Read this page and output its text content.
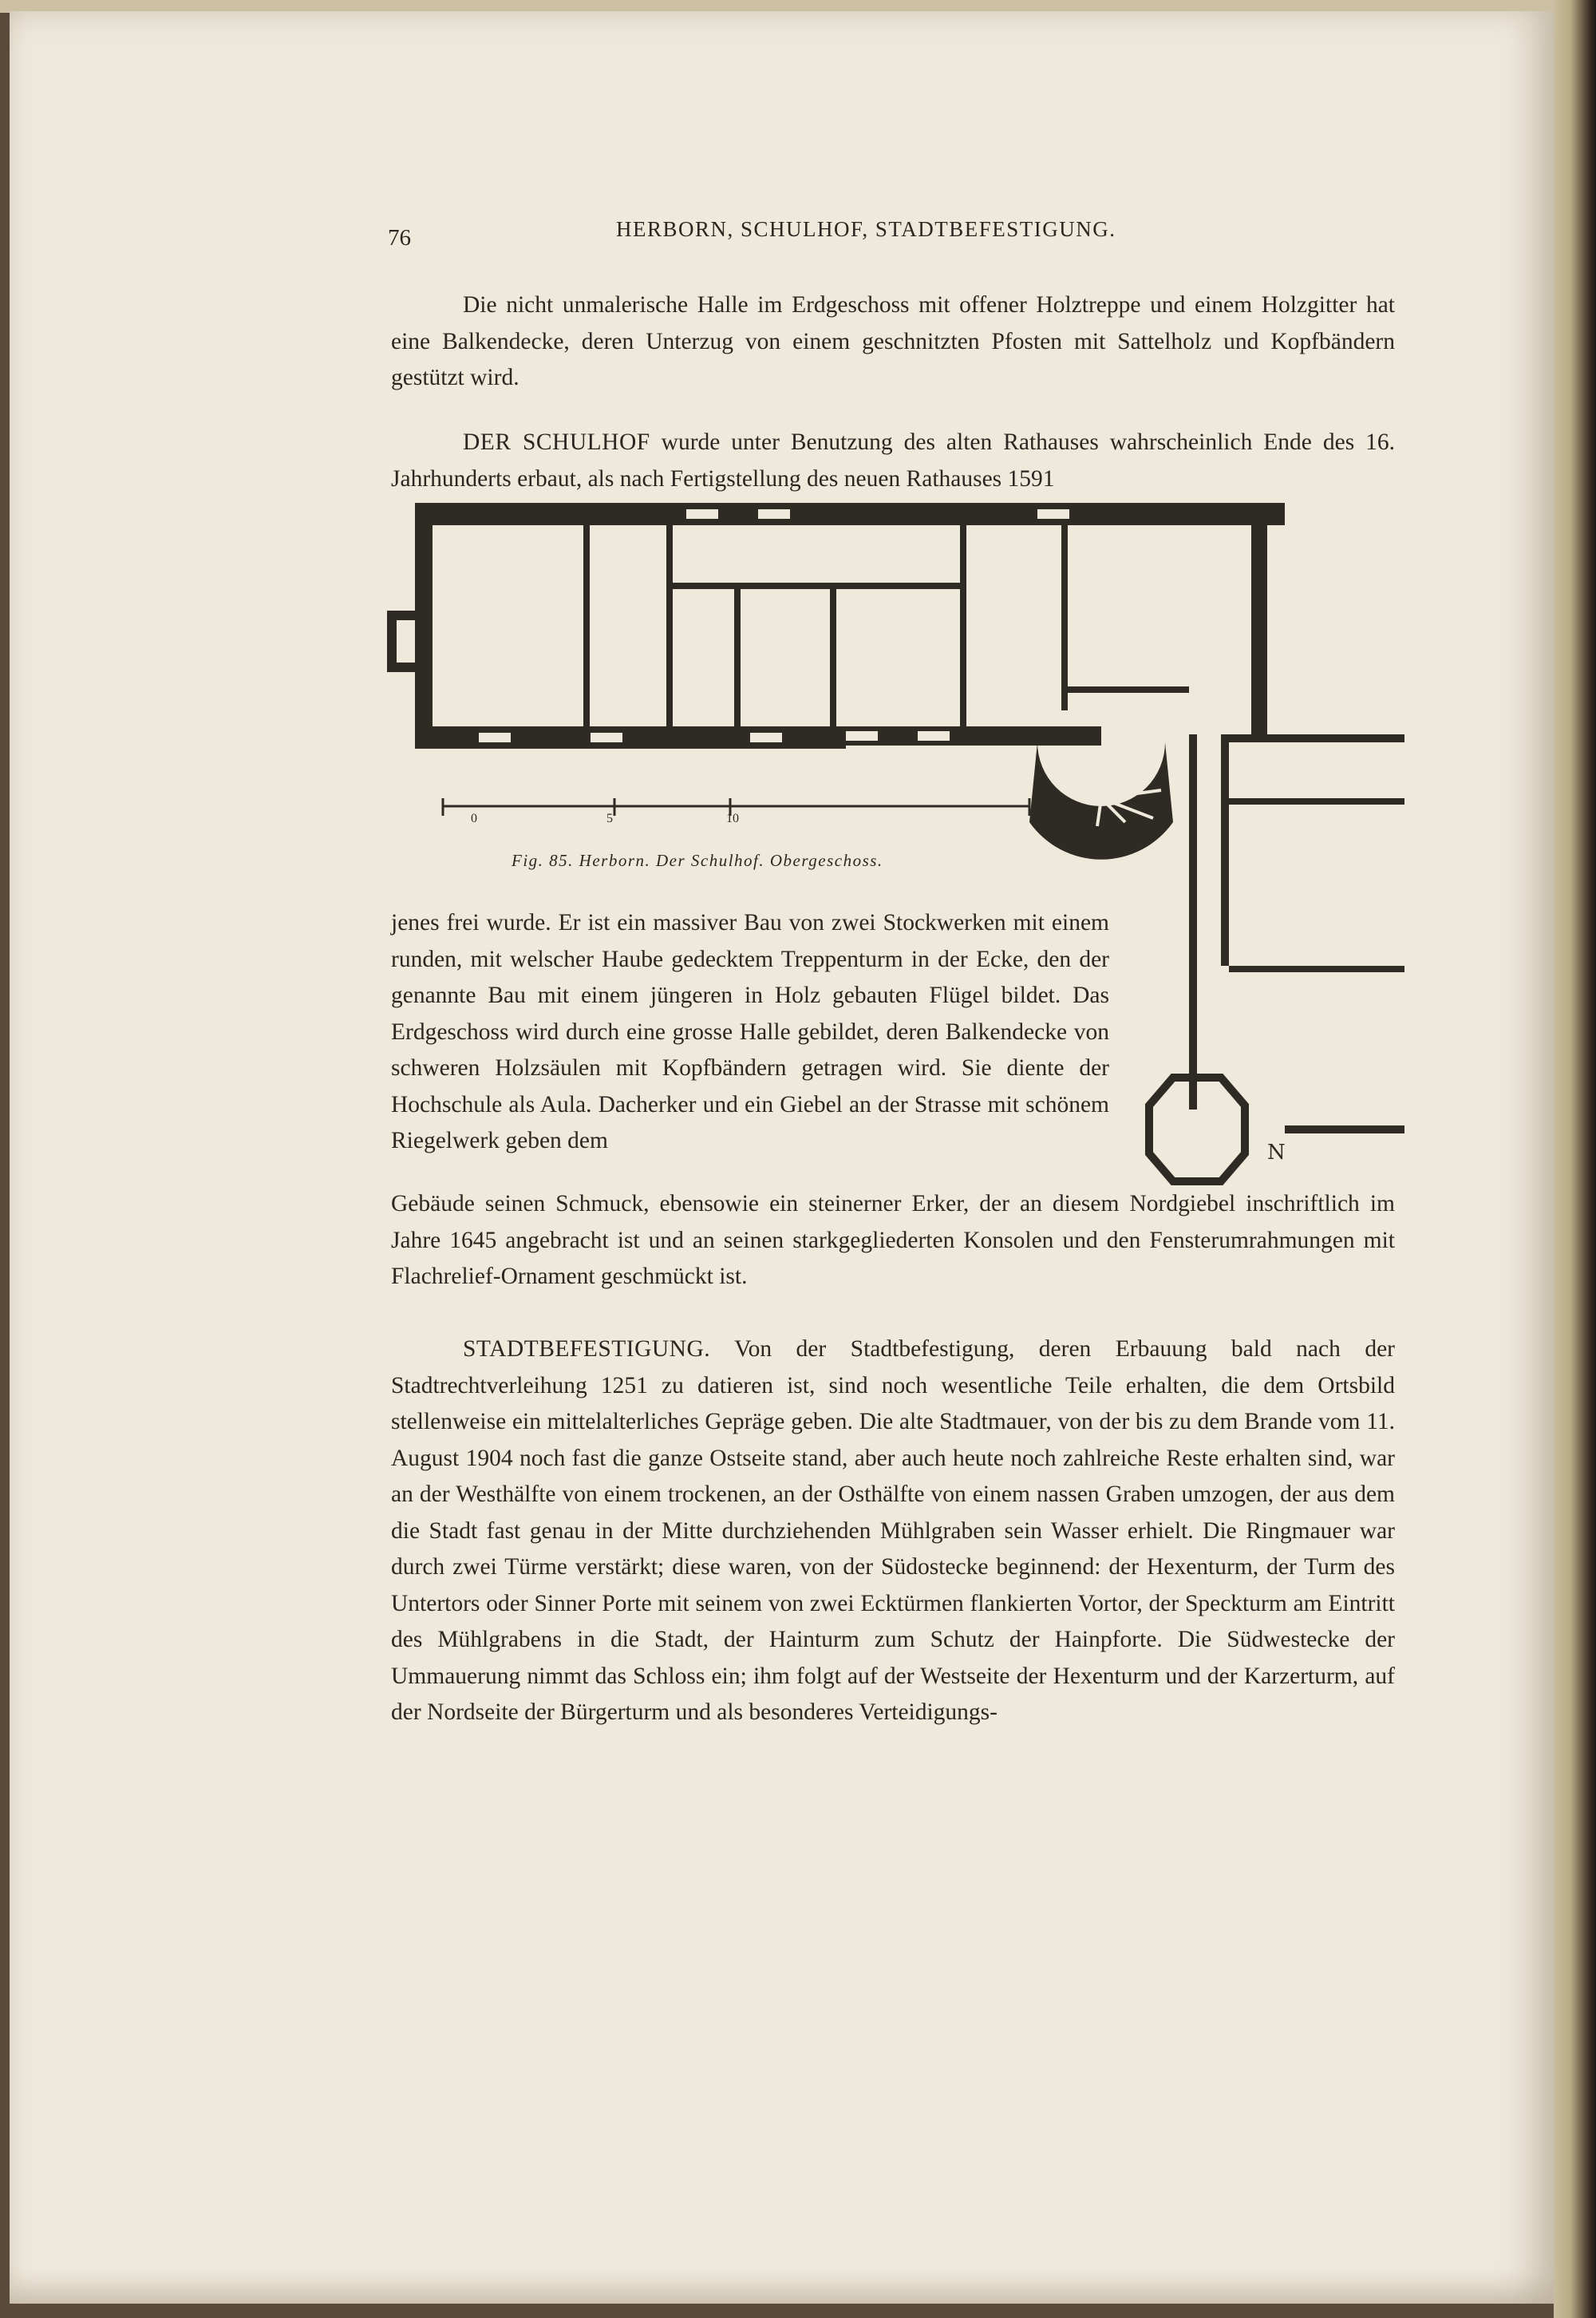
76	HERBORN, SCHULHOF, STADTBEFESTIGUNG.

Die nicht unmalerische Halle im Erdgeschoss mit offener Holztreppe und einem Holzgitter hat eine Balkendecke, deren Unterzug von einem geschnitzten Pfosten mit Sattelholz und Kopfbändern gestützt wird.

DER SCHULHOF wurde unter Benutzung des alten Rathauses wahrscheinlich Ende des 16. Jahrhunderts erbaut, als nach Fertigstellung des neuen Rathauses 1591

jenes frei wurde. Er ist ein massiver Bau von zwei Stockwerken mit einem runden, mit welscher Haube gedecktem Treppenturm in der Ecke, den der genannte Bau mit einem jüngeren in Holz gebauten Flügel bildet. Das Erdgeschoss wird durch eine grosse Halle gebildet, deren Balkendecke von schweren Holzsäulen mit Kopfbändern getragen wird. Sie diente der Hochschule als Aula. Dacherker und ein Giebel an der Strasse mit schönem Riegelwerk geben dem

Gebäude seinen Schmuck, ebensowie ein steinerner Erker, der an diesem Nordgiebel inschriftlich im Jahre 1645 angebracht ist und an seinen starkgegliederten Konsolen und den Fensterumrahmungen mit Flachrelief-Ornament geschmückt ist.

STADTBEFESTIGUNG. Von der Stadtbefestigung, deren Erbauung bald nach der Stadtrechtverleihung 1251 zu datieren ist, sind noch wesentliche Teile erhalten, die dem Ortsbild stellenweise ein mittelalterliches Gepräge geben. Die alte Stadtmauer, von der bis zu dem Brande vom 11. August 1904 noch fast die ganze Ostseite stand, aber auch heute noch zahlreiche Reste erhalten sind, war an der Westhälfte von einem trockenen, an der Osthälfte von einem nassen Graben umzogen, der aus dem die Stadt fast genau in der Mitte durchziehenden Mühlgraben sein Wasser erhielt. Die Ringmauer war durch zwei Türme verstärkt; diese waren, von der Südostecke beginnend: der Hexenturm, der Turm des Untertors oder Sinner Porte mit seinem von zwei Ecktürmen flankierten Vortor, der Speckturm am Eintritt des Mühlgrabens in die Stadt, der Hainturm zum Schutz der Hainpforte. Die Südwestecke der Ummauerung nimmt das Schloss ein; ihm folgt auf der Westseite der Hexenturm und der Karzerturm, auf der Nordseite der Bürgerturm und als besonderes Verteidigungs-

N
0	5	10	20m
Fig. 85. Herborn. Der Schulhof. Obergeschoss.
